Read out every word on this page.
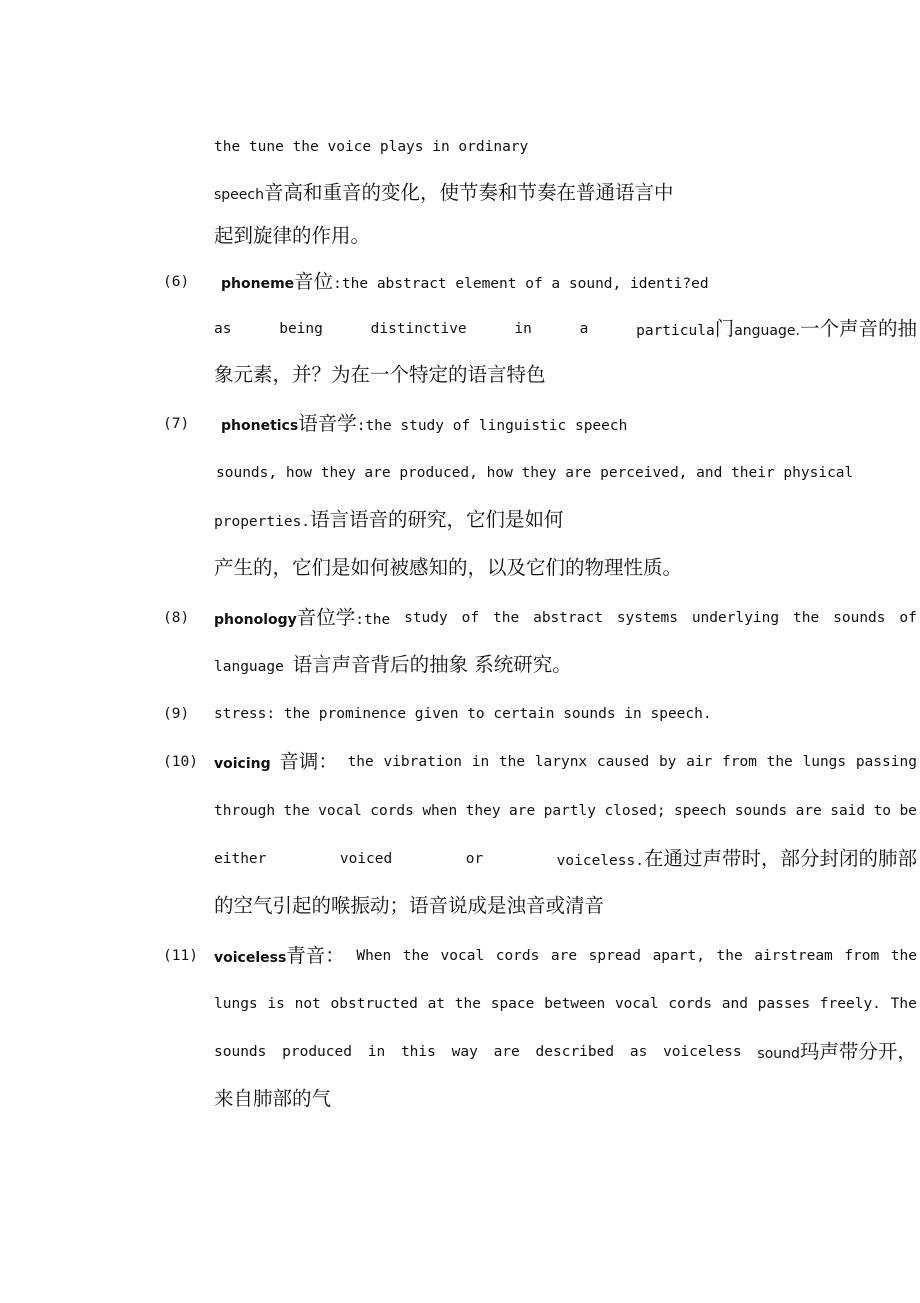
the tune the voice plays in ordinary
speech音高和重音的变化，使节奏和节奏在普通语言中
起到旋律的作用。
(6) phoneme音位:the abstract element of a sound, identi?ed
as	being	distinctive	in	a	particula门anguage.一个声音的抽
象元素，并？为在一个特定的语言特色
(7) phonetics语音学:the study of linguistic speech
sounds, how they are produced, how they are perceived, and their physical
properties.语言语音的研究，它们是如何
产生的，它们是如何被感知的，以及它们的物理性质。
(8) phonology音位学:the study of the abstract systems underlying the sounds of
language 语言声音背后的抽象 系统研究。
(9) stress: the prominence given to certain sounds in speech.
(10) voicing 音调： the vibration in the larynx caused by air from the lungs passing
through the vocal cords when they are partly closed; speech sounds are said to be
either	voiced	or	voiceless.在通过声带时，部分封闭的肺部
的空气引起的喉振动；语音说成是浊音或清音
(11) voiceless青音： When the vocal cords are spread apart, the airstream from the
lungs is not obstructed at the space between vocal cords and passes freely. The
sounds produced in this way are described as voiceless sound玛声带分开，
来自肺部的气
